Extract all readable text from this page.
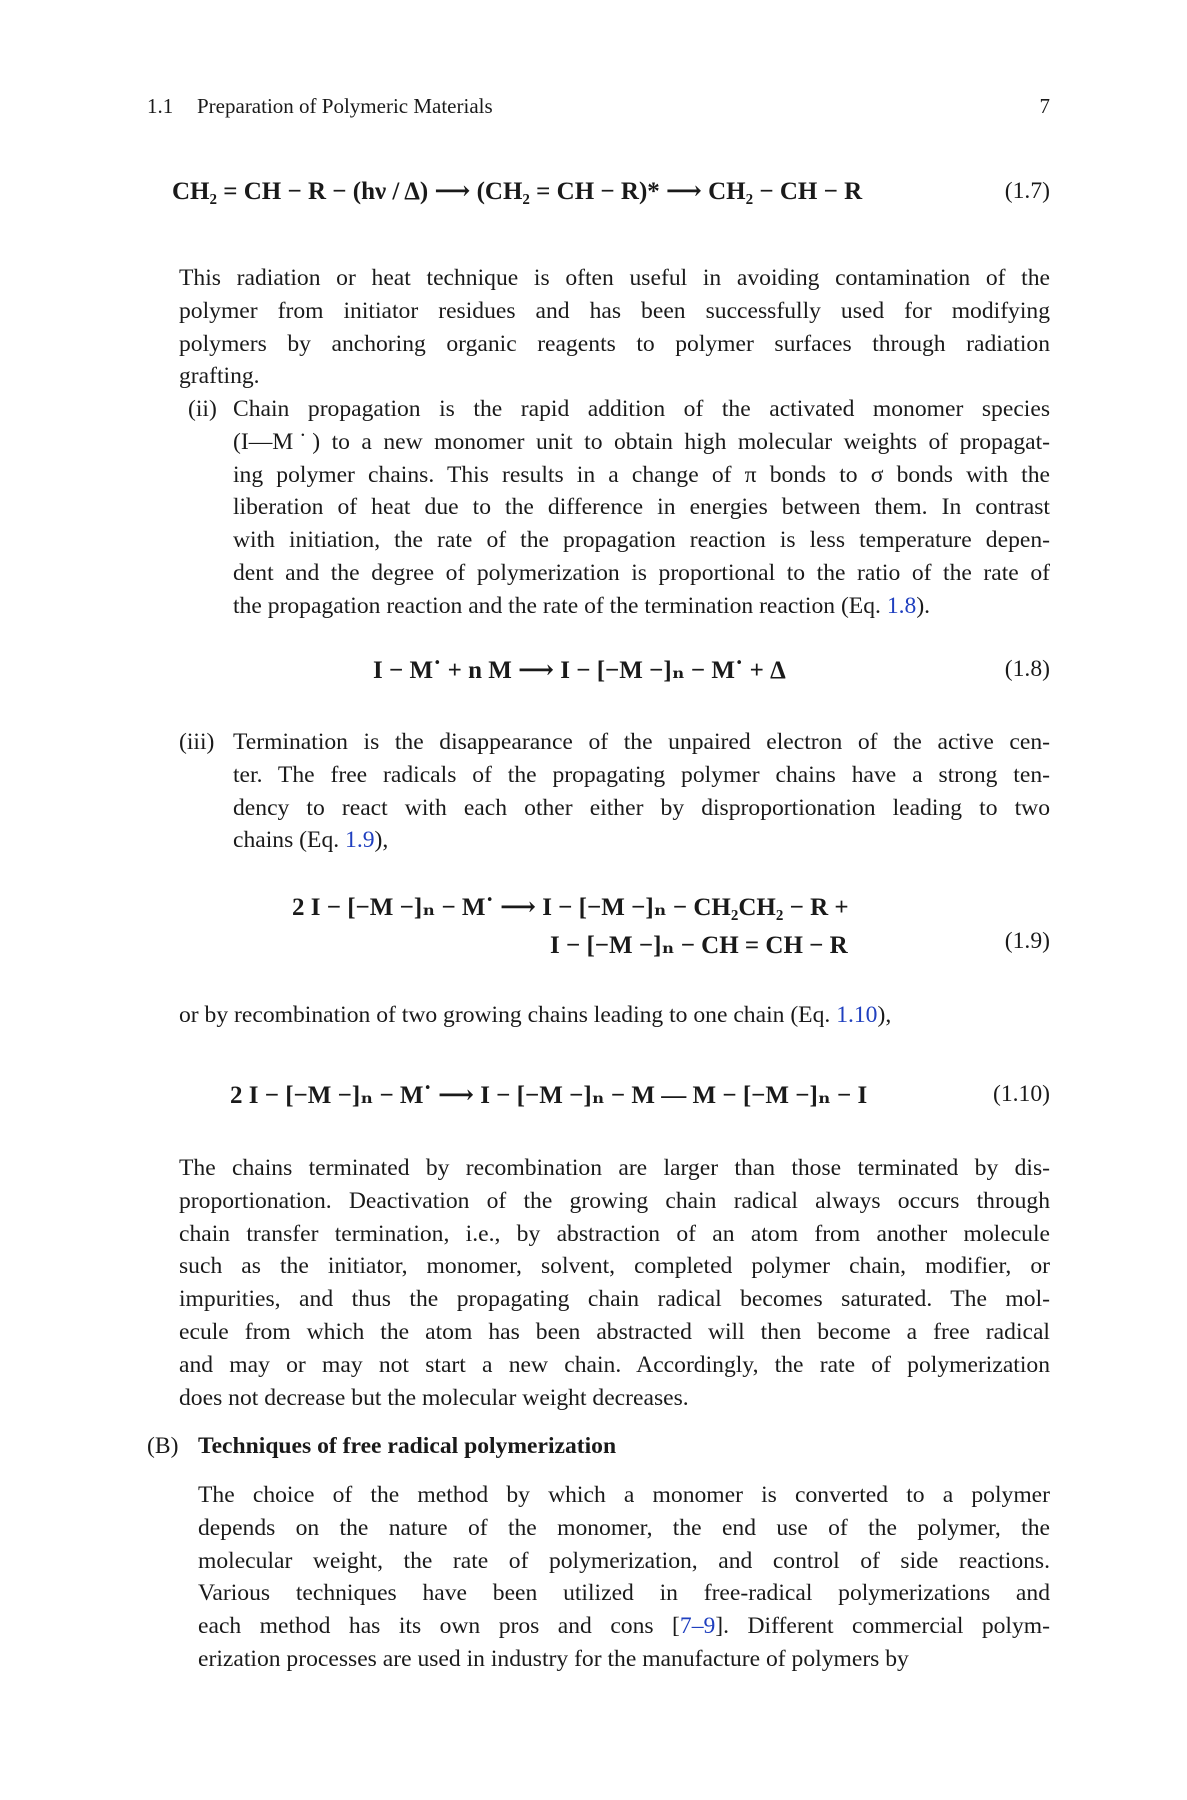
1.1 Preparation of Polymeric Materials	7
CH₂ = CH − R − (hν / Δ) ⟶ (CH₂ = CH − R)* ⟶ CH₂ − CH − R	(1.7)
This radiation or heat technique is often useful in avoiding contamination of the
polymer from initiator residues and has been successfully used for modifying
polymers by anchoring organic reagents to polymer surfaces through radiation
grafting.
(ii) Chain propagation is the rapid addition of the activated monomer species
(I—M˙) to a new monomer unit to obtain high molecular weights of propagat-
ing polymer chains. This results in a change of π bonds to σ bonds with the
liberation of heat due to the difference in energies between them. In contrast
with initiation, the rate of the propagation reaction is less temperature depen-
dent and the degree of polymerization is proportional to the ratio of the rate of
the propagation reaction and the rate of the termination reaction (Eq. 1.8).
I − M˙ + n M ⟶ I − [−M −]ₙ − M˙ + Δ	(1.8)
(iii) Termination is the disappearance of the unpaired electron of the active cen-
ter. The free radicals of the propagating polymer chains have a strong ten-
dency to react with each other either by disproportionation leading to two
chains (Eq. 1.9),
2 I − [−M −]ₙ − M˙ ⟶ I − [−M −]ₙ − CH₂CH₂ − R +
I − [−M −]ₙ − CH = CH − R	(1.9)
or by recombination of two growing chains leading to one chain (Eq. 1.10),
2 I − [−M −]ₙ − M˙ ⟶ I − [−M −]ₙ − M — M − [−M −]ₙ − I	(1.10)
The chains terminated by recombination are larger than those terminated by dis-
proportionation. Deactivation of the growing chain radical always occurs through
chain transfer termination, i.e., by abstraction of an atom from another molecule
such as the initiator, monomer, solvent, completed polymer chain, modifier, or
impurities, and thus the propagating chain radical becomes saturated. The mol-
ecule from which the atom has been abstracted will then become a free radical
and may or may not start a new chain. Accordingly, the rate of polymerization
does not decrease but the molecular weight decreases.
(B) Techniques of free radical polymerization
The choice of the method by which a monomer is converted to a polymer
depends on the nature of the monomer, the end use of the polymer, the
molecular weight, the rate of polymerization, and control of side reactions.
Various techniques have been utilized in free-radical polymerizations and
each method has its own pros and cons [7–9]. Different commercial polym-
erization processes are used in industry for the manufacture of polymers by
